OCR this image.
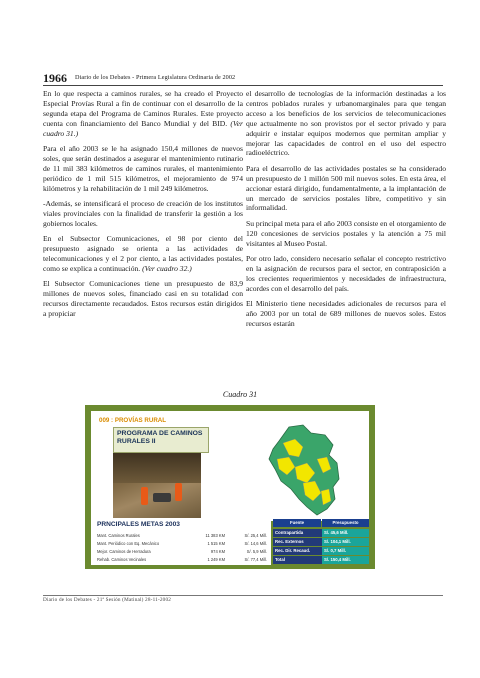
1966 Diario de los Debates - Primera Legislatura Ordinaria de 2002

En lo que respecta a caminos rurales, se ha creado el Proyecto Especial Provías Rural a fin de continuar con el desarrollo de la segunda etapa del Programa de Caminos Rurales. Este proyecto cuenta con financiamiento del Banco Mundial y del BID. (Ver cuadro 31.)

Para el año 2003 se le ha asignado 150,4 millones de nuevos soles, que serán destinados a asegurar el mantenimiento rutinario de 11 mil 383 kilómetros de caminos rurales, el mantenimiento periódico de 1 mil 515 kilómetros, el mejoramiento de 974 kilómetros y la rehabilitación de 1 mil 249 kilómetros.

-Además, se intensificará el proceso de creación de los institutos viales provinciales con la finalidad de transferir la gestión a los gobiernos locales.

En el Subsector Comunicaciones, el 98 por ciento del presupuesto asignado se orienta a las actividades de telecomunicaciones y el 2 por ciento, a las actividades postales, como se explica a continuación. (Ver cuadro 32.)

El Subsector Comunicaciones tiene un presupuesto de 83,9 millones de nuevos soles, financiado casi en su totalidad con recursos directamente recaudados. Estos recursos están dirigidos a propiciar

el desarrollo de tecnologías de la información destinadas a los centros poblados rurales y urbanomarginales para que tengan acceso a los beneficios de los servicios de telecomunicaciones que actualmente no son provistos por el sector privado y para adquirir e instalar equipos modernos que permitan ampliar y mejorar las capacidades de control en el uso del espectro radioeléctrico.

Para el desarrollo de las actividades postales se ha considerado un presupuesto de 1 millón 500 mil nuevos soles. En esta área, el accionar estará dirigido, fundamentalmente, a la implantación de un mercado de servicios postales libre, competitivo y sin informalidad.

Su principal meta para el año 2003 consiste en el otorgamiento de 120 concesiones de servicios postales y la atención a 75 mil visitantes al Museo Postal.

Por otro lado, considero necesario señalar el concepto restrictivo en la asignación de recursos para el sector, en contraposición a los crecientes requerimientos y necesidades de infraestructura, acordes con el desarrollo del país.

El Ministerio tiene necesidades adicionales de recursos para el año 2003 por un total de 689 millones de nuevos soles. Estos recursos estarán

Cuadro 31
009 : PROVÍAS RURAL
PROGRAMA DE CAMINOS RURALES II
PRNCIPALES METAS 2003
Mant. Caminos Rurales	11 383 KM	S/. 25,4 Mill.
Mant. Periódico con Eq. Mecánico	1 515 KM	S/. 14,6 Mill.
Mejor. Caminos de Herradura	974 KM	S/. 5,9 Mill.
Rehab. Caminos Vecinales	1 249 KM	S/. 77,4 Mill.
Fuente	Presupuesto
Contrapartida	S/. 45,6 Mill.
Rec. Externos	S/. 104,1 Mill.
Rec. Dir. Recaud.	S/. 0,7 Mill.
Total	S/. 150,4 Mill.
Diario de los Debates - 21ª Sesión (Matinal) 28-11-2002
